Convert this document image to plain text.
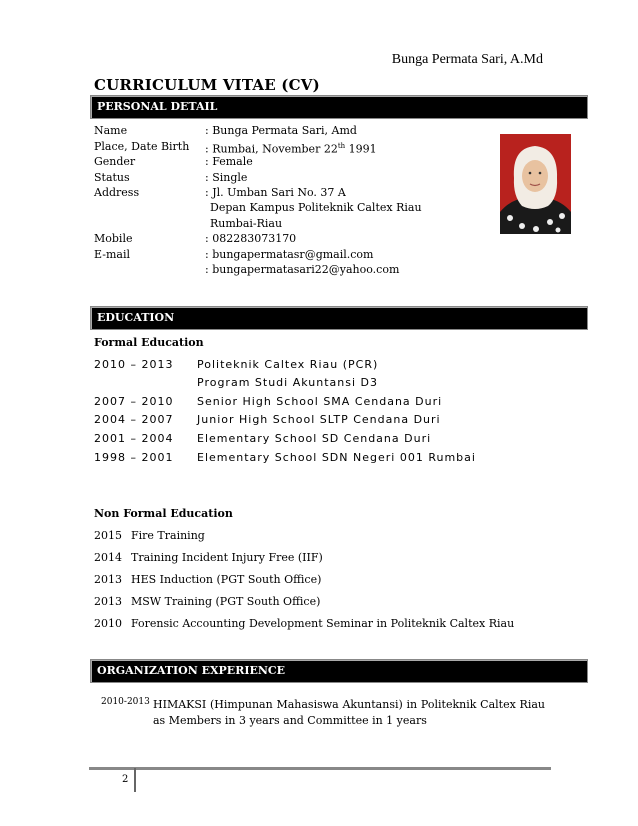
Bunga Permata Sari, A.Md
CURRICULUM VITAE (CV)
PERSONAL DETAIL
Name	: Bunga Permata Sari, Amd
Place, Date Birth : Rumbai, November 22th 1991
Gender	: Female
Status	: Single
Address	: Jl. Umban Sari No. 37 A
Depan Kampus Politeknik Caltex Riau
Rumbai-Riau
Mobile	: 082283073170
E-mail	: bungapermatasr@gmail.com
: bungapermatasari22@yahoo.com
EDUCATION
Formal Education
2010 – 2013 Politeknik Caltex Riau (PCR)
Program Studi Akuntansi D3
2007 – 2010 Senior High School SMA Cendana Duri
2004 – 2007 Junior High School SLTP Cendana Duri
2001 – 2004 Elementary School SD Cendana Duri
1998 – 2001 Elementary School SDN Negeri 001 Rumbai
Non Formal Education
2015 Fire Training
2014 Training Incident Injury Free (IIF)
2013 HES Induction (PGT South Office)
2013 MSW Training (PGT South Office)
2010 Forensic Accounting Development Seminar in Politeknik Caltex Riau
ORGANIZATION EXPERIENCE
2010-2013 HIMAKSI (Himpunan Mahasiswa Akuntansi) in Politeknik Caltex Riau as Members in 3 years and Committee in 1 years
2
